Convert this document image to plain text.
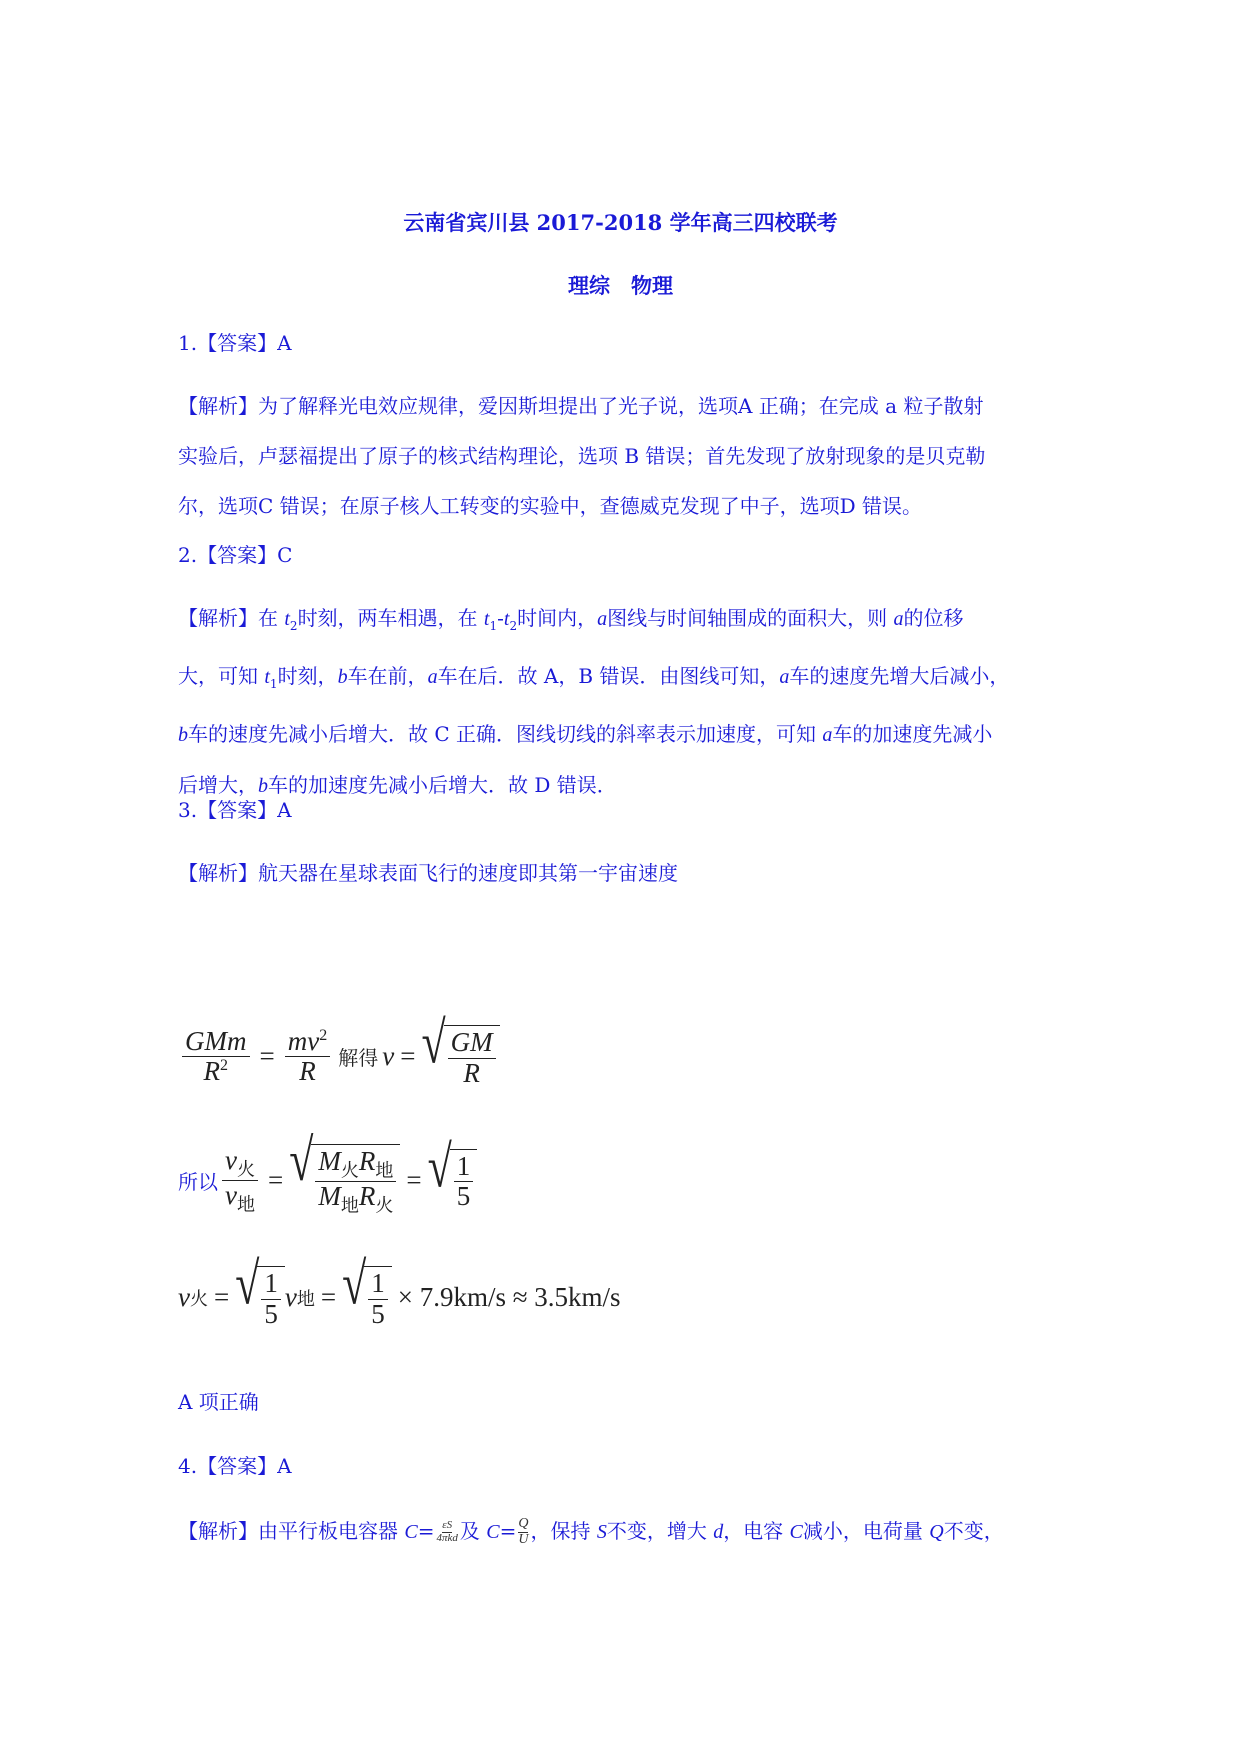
云南省宾川县 2017-2018 学年高三四校联考
理综　物理
1.【答案】A
【解析】为了解释光电效应规律，爱因斯坦提出了光子说，选项A 正确；在完成 a 粒子散射
实验后，卢瑟福提出了原子的核式结构理论，选项 B 错误；首先发现了放射现象的是贝克勒
尔，选项C 错误；在原子核人工转变的实验中，查德威克发现了中子，选项D 错误。
2.【答案】C
【解析】在 $t_2$时刻，两车相遇，在 $t_1-t_2$时间内，a图线与时间轴围成的面积大，则 a的位移
大，可知 $t_1$时刻，b车在前，a车在后．故 A，B 错误．由图线可知，a车的速度先增大后减小，
b车的速度先减小后增大．故 C 正确．图线切线的斜率表示加速度，可知 a车的加速度先减小
后增大，b车的加速度先减小后增大．故 D 错误．
3.【答案】A
【解析】航天器在星球表面飞行的速度即其第一宇宙速度
$\frac{\text{GMm}}{R^2} = \frac{mv^2}{R}$ 解得 v = √ $\frac{GM}{R}$
所以 $\frac{v_火}{v_地}$ = √ $\frac{M_火R_地}{M_地R_火}$ = √ $\frac{1}{5}$
v 火 = √ $\frac{1}{5}$ v 地 = √ $\frac{1}{5} \times 7.9km/s \approx 3.5km/s$
A 项正确
4.【答案】A
【解析】由平行板电容器 $C= \frac{\varepsilon S}{\text{4πkd}}$ 及 $C= \frac{Q}{U}$ ，保持 S不变，增大 d，电容 C减小，电荷量 Q不变，
